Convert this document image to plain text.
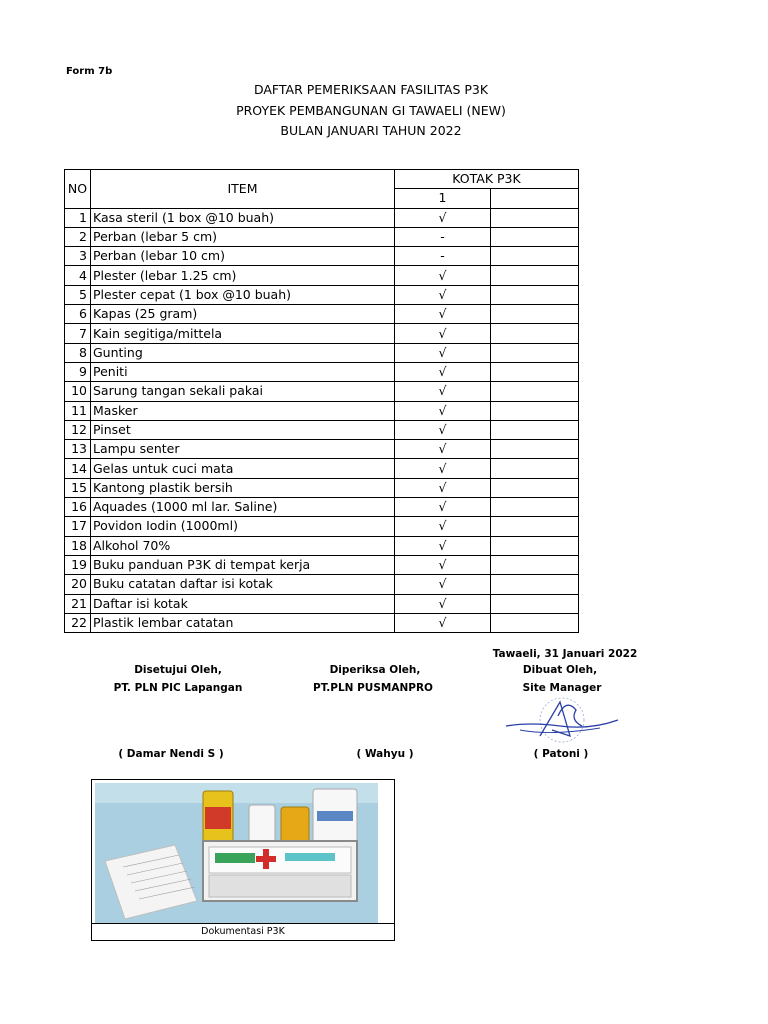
Form 7b
DAFTAR PEMERIKSAAN FASILITAS P3K
PROYEK PEMBANGUNAN GI TAWAELI (NEW)
BULAN JANUARI TAHUN 2022
NO	ITEM	KOTAK P3K	
		1	
1	Kasa steril (1 box @10 buah)	√	
2	Perban (lebar 5 cm)	-	
3	Perban (lebar 10 cm)	-	
4	Plester (lebar 1.25 cm)	√	
5	Plester cepat (1 box @10 buah)	√	
6	Kapas (25 gram)	√	
7	Kain segitiga/mittela	√	
8	Gunting	√	
9	Peniti	√	
10	Sarung tangan sekali pakai	√	
11	Masker	√	
12	Pinset	√	
13	Lampu senter	√	
14	Gelas untuk cuci mata	√	
15	Kantong plastik bersih	√	
16	Aquades (1000 ml lar. Saline)	√	
17	Povidon Iodin (1000ml)	√	
18	Alkohol 70%	√	
19	Buku panduan P3K di tempat kerja	√	
20	Buku catatan daftar isi kotak	√	
21	Daftar isi kotak	√	
22	Plastik lembar catatan	√	
Tawaeli, 31 Januari 2022
Disetujui Oleh,
PT. PLN PIC Lapangan
( Damar Nendi S )
Diperiksa Oleh,
PT.PLN PUSMANPRO
( Wahyu )
Dibuat Oleh,
Site Manager
( Patoni )
Dokumentasi P3K
